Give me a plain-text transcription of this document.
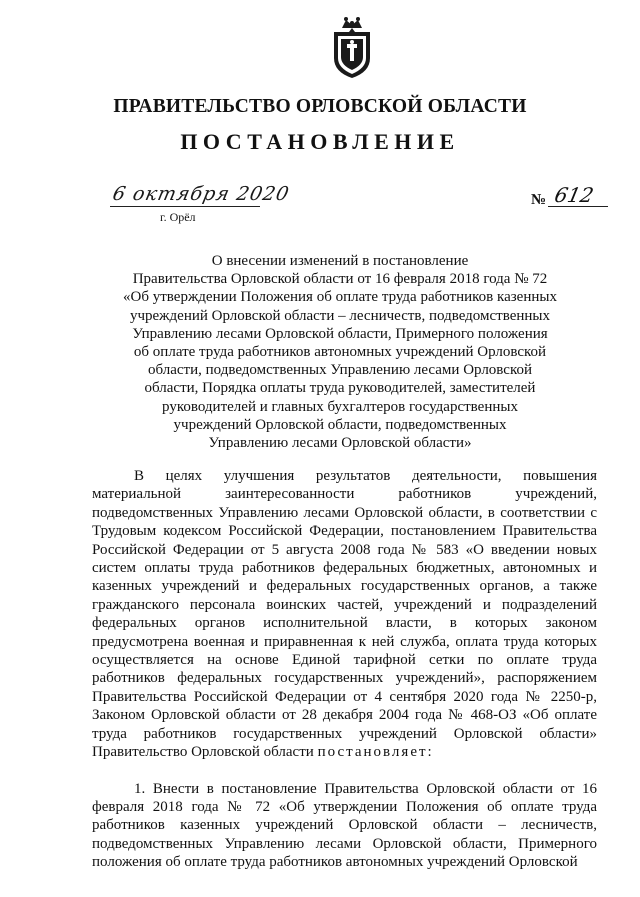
ПРАВИТЕЛЬСТВО ОРЛОВСКОЙ ОБЛАСТИ
ПОСТАНОВЛЕНИЕ
6 октября 2020
г. Орёл
№ 612
О внесении изменений в постановление
Правительства Орловской области от 16 февраля 2018 года № 72
«Об утверждении Положения об оплате труда работников казенных
учреждений Орловской области – лесничеств, подведомственных
Управлению лесами Орловской области, Примерного положения
об оплате труда работников автономных учреждений Орловской
области, подведомственных Управлению лесами Орловской
области, Порядка оплаты труда руководителей, заместителей
руководителей и главных бухгалтеров государственных
учреждений Орловской области, подведомственных
Управлению лесами Орловской области»

В целях улучшения результатов деятельности, повышения материальной заинтересованности работников учреждений, подведомственных Управлению лесами Орловской области, в соответствии с Трудовым кодексом Российской Федерации, постановлением Правительства Российской Федерации от 5 августа 2008 года № 583 «О введении новых систем оплаты труда работников федеральных бюджетных, автономных и казенных учреждений и федеральных государственных органов, а также гражданского персонала воинских частей, учреждений и подразделений федеральных органов исполнительной власти, в которых законом предусмотрена военная и приравненная к ней служба, оплата труда которых осуществляется на основе Единой тарифной сетки по оплате труда работников федеральных государственных учреждений», распоряжением Правительства Российской Федерации от 4 сентября 2020 года № 2250-р, Законом Орловской области от 28 декабря 2004 года № 468-ОЗ «Об оплате труда работников государственных учреждений Орловской области» Правительство Орловской области постановляет:

1. Внести в постановление Правительства Орловской области от 16 февраля 2018 года № 72 «Об утверждении Положения об оплате труда работников казенных учреждений Орловской области – лесничеств, подведомственных Управлению лесами Орловской области, Примерного положения об оплате труда работников автономных учреждений Орловской
